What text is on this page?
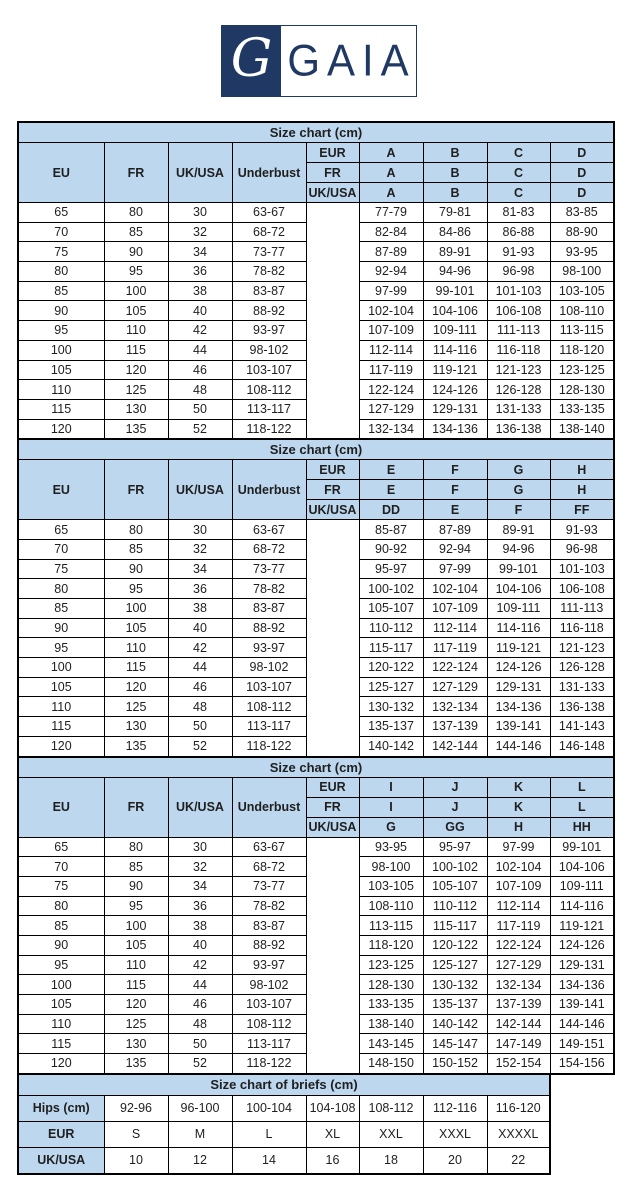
G GAIA
Size chart (cm)								
EU	FR	UK/USA	Underbust	EUR	A	B	C	D
				FR	A	B	C	D
				UK/USA	A	B	C	D
65	80	30	63-67		77-79	79-81	81-83	83-85
70	85	32	68-72		82-84	84-86	86-88	88-90
75	90	34	73-77		87-89	89-91	91-93	93-95
80	95	36	78-82		92-94	94-96	96-98	98-100
85	100	38	83-87		97-99	99-101	101-103	103-105
90	105	40	88-92		102-104	104-106	106-108	108-110
95	110	42	93-97		107-109	109-111	111-113	113-115
100	115	44	98-102		112-114	114-116	116-118	118-120
105	120	46	103-107		117-119	119-121	121-123	123-125
110	125	48	108-112		122-124	124-126	126-128	128-130
115	130	50	113-117		127-129	129-131	131-133	133-135
120	135	52	118-122		132-134	134-136	136-138	138-140
Size chart (cm)								
EU	FR	UK/USA	Underbust	EUR	E	F	G	H
				FR	E	F	G	H
				UK/USA	DD	E	F	FF
65	80	30	63-67		85-87	87-89	89-91	91-93
70	85	32	68-72		90-92	92-94	94-96	96-98
75	90	34	73-77		95-97	97-99	99-101	101-103
80	95	36	78-82		100-102	102-104	104-106	106-108
85	100	38	83-87		105-107	107-109	109-111	111-113
90	105	40	88-92		110-112	112-114	114-116	116-118
95	110	42	93-97		115-117	117-119	119-121	121-123
100	115	44	98-102		120-122	122-124	124-126	126-128
105	120	46	103-107		125-127	127-129	129-131	131-133
110	125	48	108-112		130-132	132-134	134-136	136-138
115	130	50	113-117		135-137	137-139	139-141	141-143
120	135	52	118-122		140-142	142-144	144-146	146-148
Size chart (cm)								
EU	FR	UK/USA	Underbust	EUR	I	J	K	L
				FR	I	J	K	L
				UK/USA	G	GG	H	HH
65	80	30	63-67		93-95	95-97	97-99	99-101
70	85	32	68-72		98-100	100-102	102-104	104-106
75	90	34	73-77		103-105	105-107	107-109	109-111
80	95	36	78-82		108-110	110-112	112-114	114-116
85	100	38	83-87		113-115	115-117	117-119	119-121
90	105	40	88-92		118-120	120-122	122-124	124-126
95	110	42	93-97		123-125	125-127	127-129	129-131
100	115	44	98-102		128-130	130-132	132-134	134-136
105	120	46	103-107		133-135	135-137	137-139	139-141
110	125	48	108-112		138-140	140-142	142-144	144-146
115	130	50	113-117		143-145	145-147	147-149	149-151
120	135	52	118-122		148-150	150-152	152-154	154-156
Size chart of briefs (cm)							
Hips (cm)	92-96	96-100	100-104	104-108	108-112	112-116	116-120
EUR	S	M	L	XL	XXL	XXXL	XXXXL
UK/USA	10	12	14	16	18	20	22
